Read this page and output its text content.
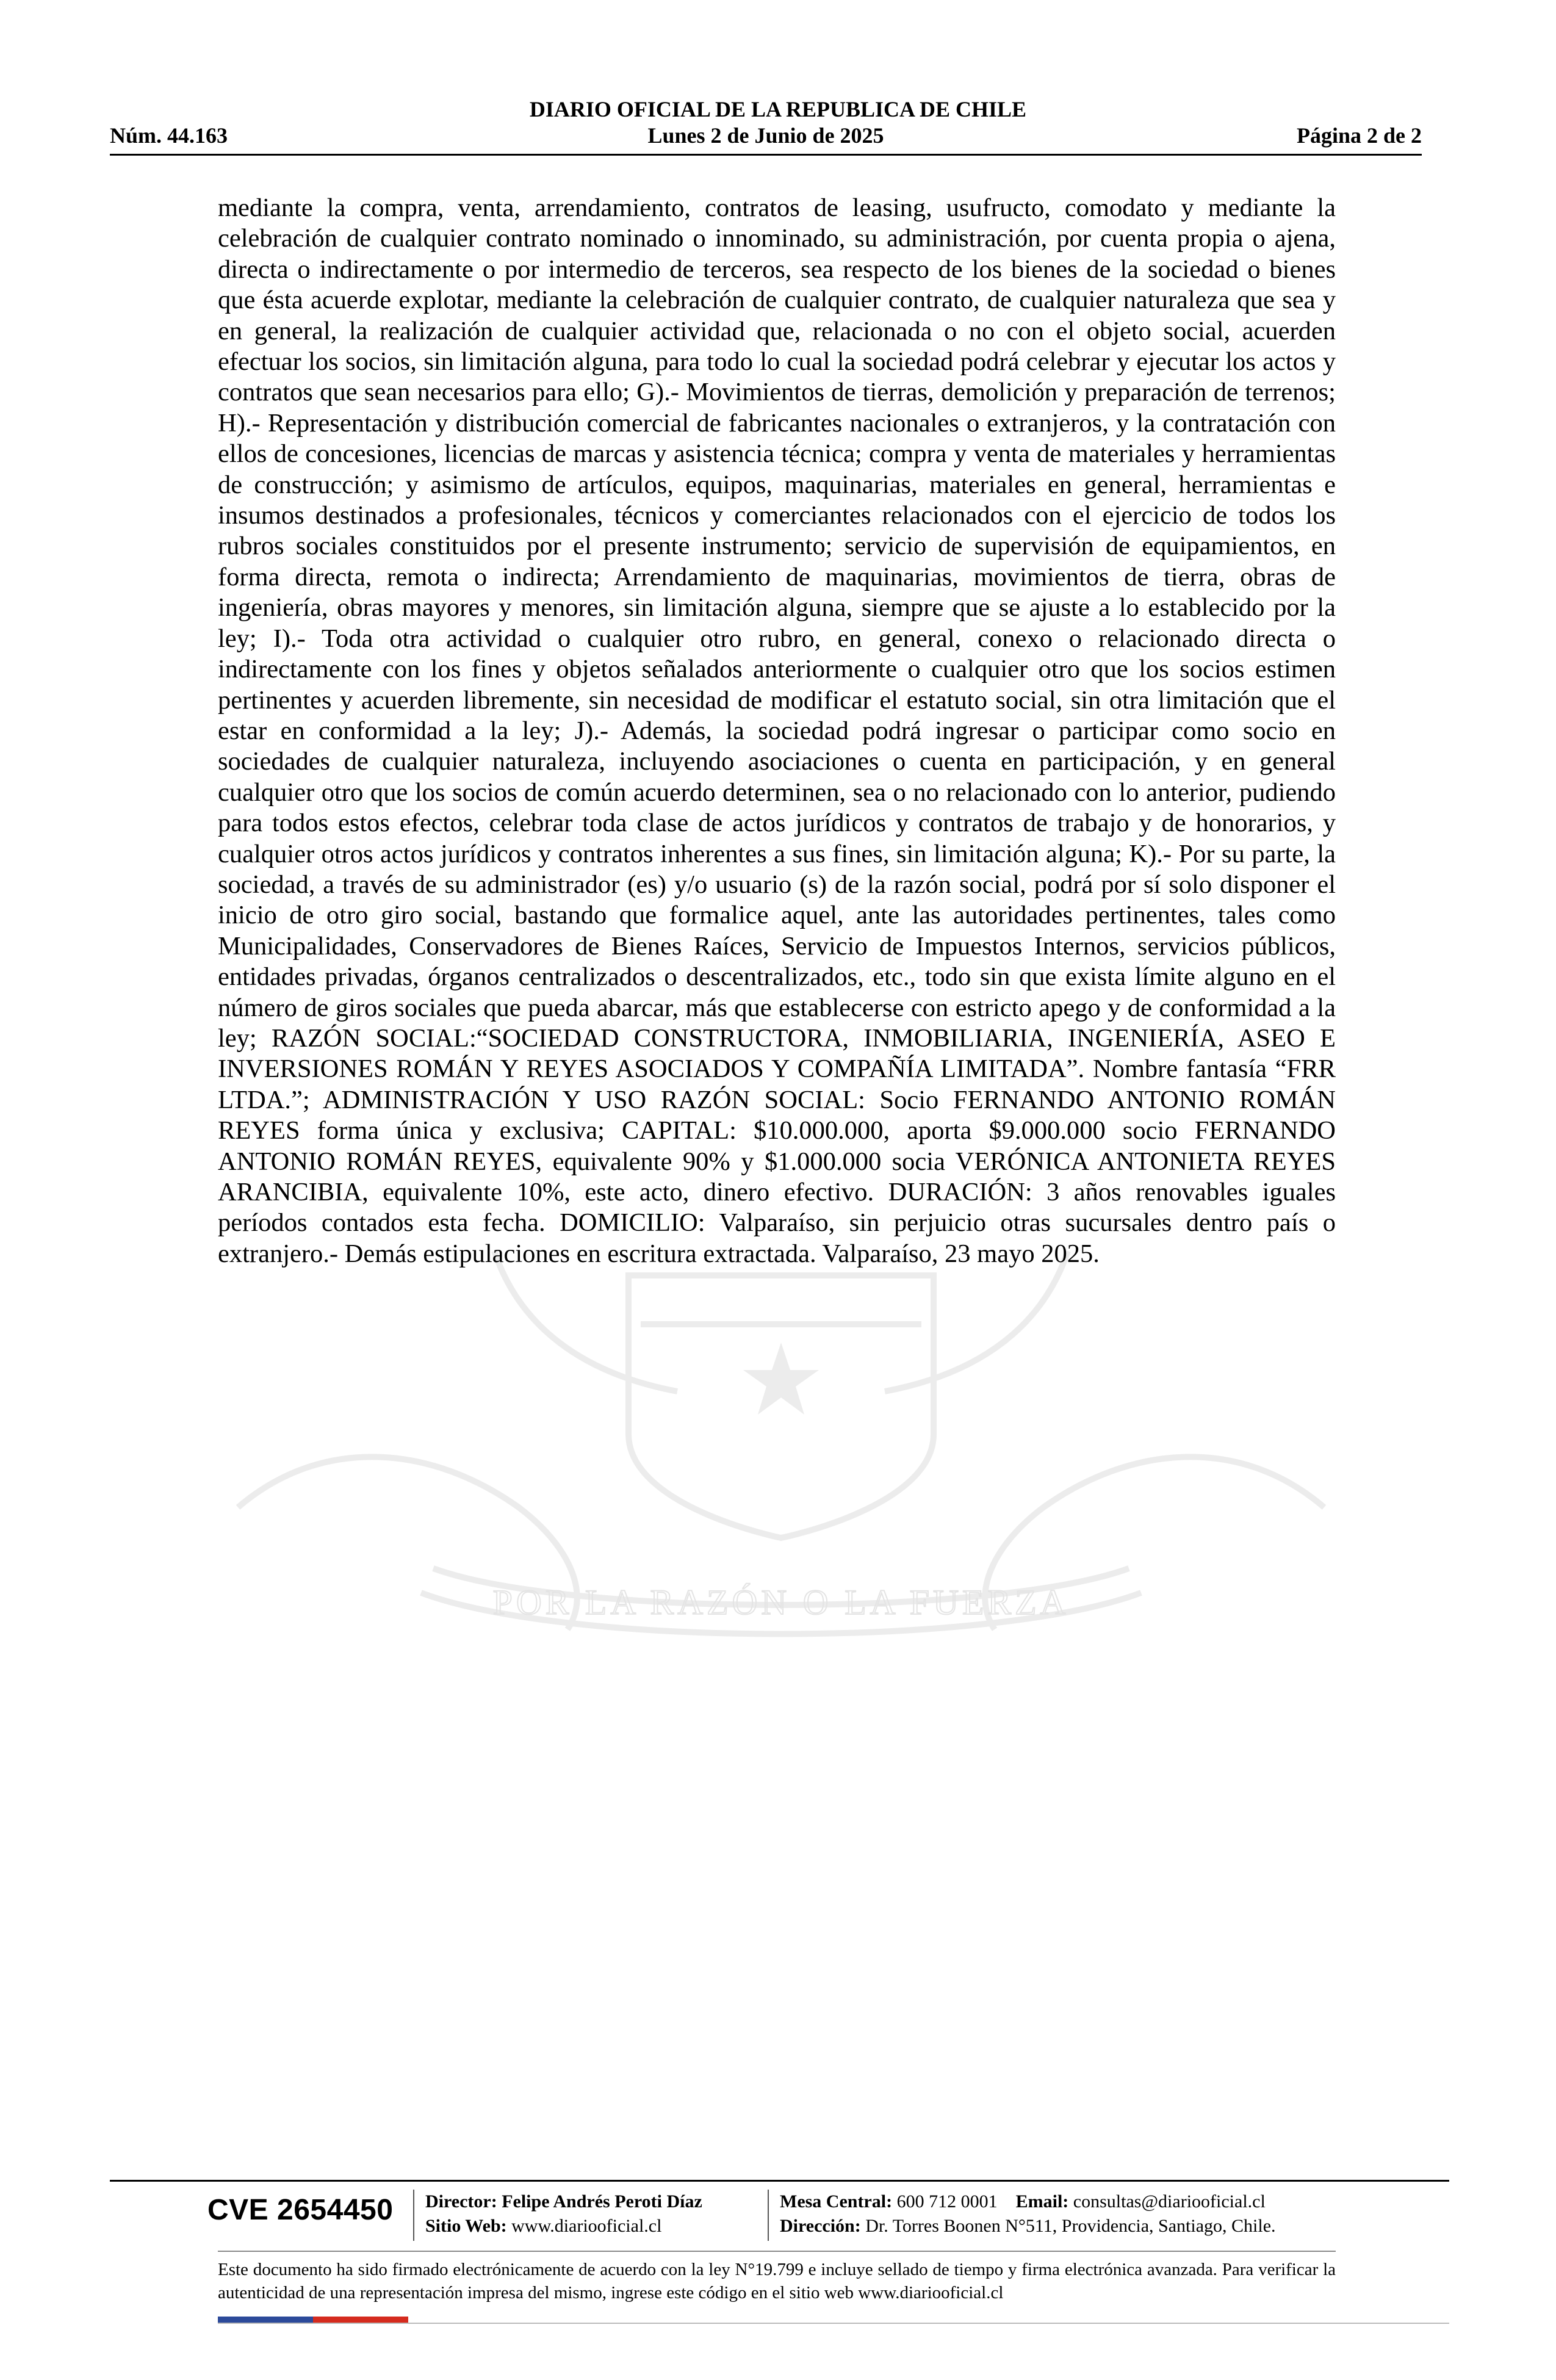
DIARIO OFICIAL DE LA REPUBLICA DE CHILE
Núm. 44.163	Lunes 2 de Junio de 2025	Página 2 de 2
POR LA RAZÓN O LA FUERZA
mediante la compra, venta, arrendamiento, contratos de leasing, usufructo, comodato y mediante la celebración de cualquier contrato nominado o innominado, su administración, por cuenta propia o ajena, directa o indirectamente o por intermedio de terceros, sea respecto de los bienes de la sociedad o bienes que ésta acuerde explotar, mediante la celebración de cualquier contrato, de cualquier naturaleza que sea y en general, la realización de cualquier actividad que, relacionada o no con el objeto social, acuerden efectuar los socios, sin limitación alguna, para todo lo cual la sociedad podrá celebrar y ejecutar los actos y contratos que sean necesarios para ello; G).- Movimientos de tierras, demolición y preparación de terrenos; H).- Representación y distribución comercial de fabricantes nacionales o extranjeros, y la contratación con ellos de concesiones, licencias de marcas y asistencia técnica; compra y venta de materiales y herramientas de construcción; y asimismo de artículos, equipos, maquinarias, materiales en general, herramientas e insumos destinados a profesionales, técnicos y comerciantes relacionados con el ejercicio de todos los rubros sociales constituidos por el presente instrumento; servicio de supervisión de equipamientos, en forma directa, remota o indirecta; Arrendamiento de maquinarias, movimientos de tierra, obras de ingeniería, obras mayores y menores, sin limitación alguna, siempre que se ajuste a lo establecido por la ley; I).- Toda otra actividad o cualquier otro rubro, en general, conexo o relacionado directa o indirectamente con los fines y objetos señalados anteriormente o cualquier otro que los socios estimen pertinentes y acuerden libremente, sin necesidad de modificar el estatuto social, sin otra limitación que el estar en conformidad a la ley; J).- Además, la sociedad podrá ingresar o participar como socio en sociedades de cualquier naturaleza, incluyendo asociaciones o cuenta en participación, y en general cualquier otro que los socios de común acuerdo determinen, sea o no relacionado con lo anterior, pudiendo para todos estos efectos, celebrar toda clase de actos jurídicos y contratos de trabajo y de honorarios, y cualquier otros actos jurídicos y contratos inherentes a sus fines, sin limitación alguna; K).- Por su parte, la sociedad, a través de su administrador (es) y/o usuario (s) de la razón social, podrá por sí solo disponer el inicio de otro giro social, bastando que formalice aquel, ante las autoridades pertinentes, tales como Municipalidades, Conservadores de Bienes Raíces, Servicio de Impuestos Internos, servicios públicos, entidades privadas, órganos centralizados o descentralizados, etc., todo sin que exista límite alguno en el número de giros sociales que pueda abarcar, más que establecerse con estricto apego y de conformidad a la ley; RAZÓN SOCIAL:“SOCIEDAD CONSTRUCTORA, INMOBILIARIA, INGENIERÍA, ASEO E INVERSIONES ROMÁN Y REYES ASOCIADOS Y COMPAÑÍA LIMITADA”. Nombre fantasía “FRR LTDA.”; ADMINISTRACIÓN Y USO RAZÓN SOCIAL: Socio FERNANDO ANTONIO ROMÁN REYES forma única y exclusiva; CAPITAL: $10.000.000, aporta $9.000.000 socio FERNANDO ANTONIO ROMÁN REYES, equivalente 90% y $1.000.000 socia VERÓNICA ANTONIETA REYES ARANCIBIA, equivalente 10%, este acto, dinero efectivo. DURACIÓN: 3 años renovables iguales períodos contados esta fecha. DOMICILIO: Valparaíso, sin perjuicio otras sucursales dentro país o extranjero.- Demás estipulaciones en escritura extractada. Valparaíso, 23 mayo 2025.
CVE 2654450 Director: Felipe Andrés Peroti Díaz
Sitio Web: www.diariooficial.cl
Mesa Central: 600 712 0001 Email: consultas@diariooficial.cl
Dirección: Dr. Torres Boonen N°511, Providencia, Santiago, Chile.
Este documento ha sido firmado electrónicamente de acuerdo con la ley N°19.799 e incluye sellado de tiempo y firma electrónica avanzada. Para verificar la autenticidad de una representación impresa del mismo, ingrese este código en el sitio web www.diariooficial.cl
